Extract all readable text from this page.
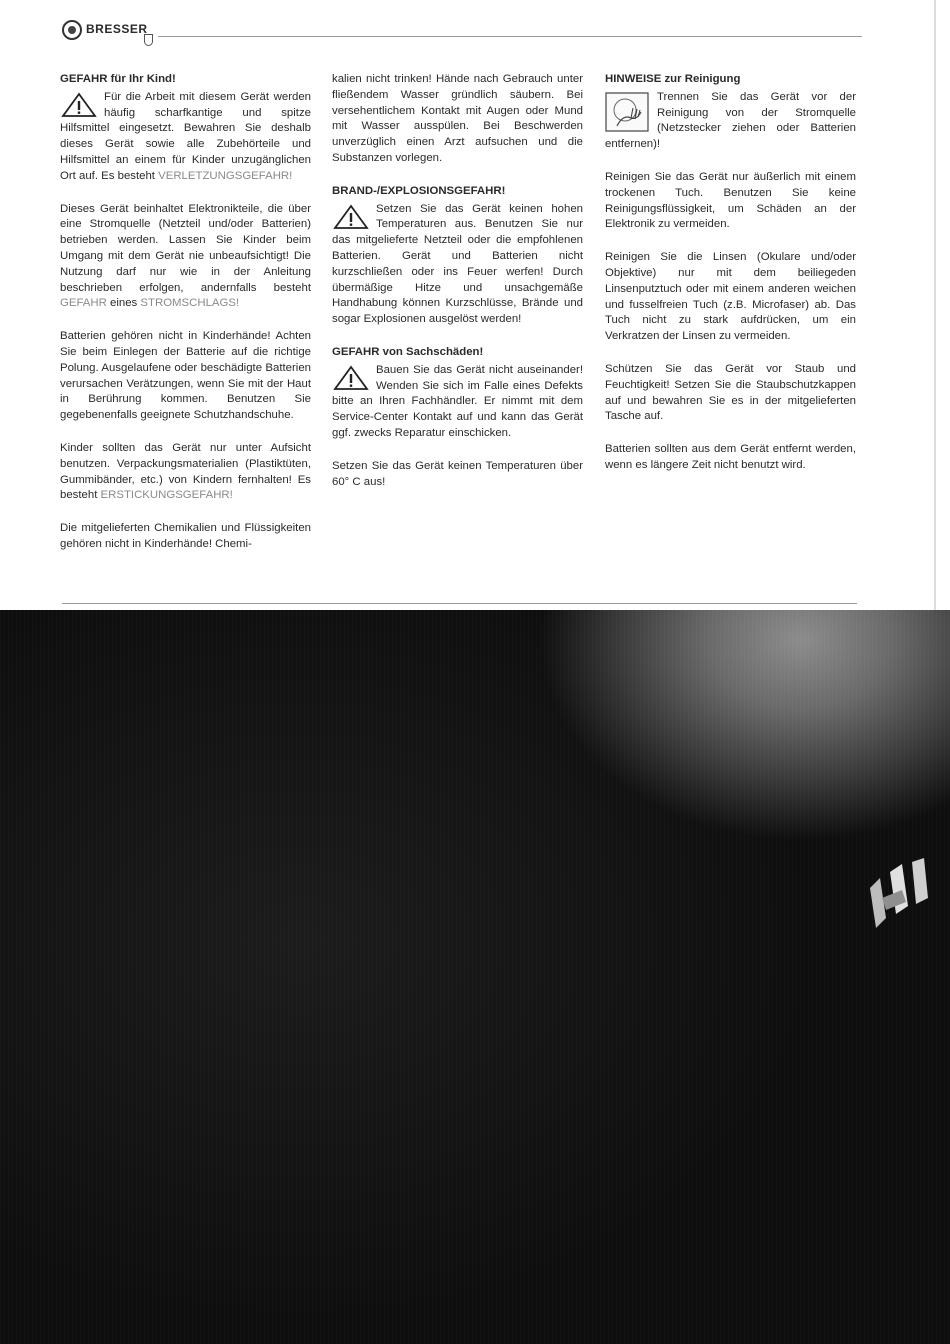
BRESSER
GEFAHR für Ihr Kind!

Für die Arbeit mit diesem Gerät werden häufig scharfkantige und spitze Hilfsmittel eingesetzt. Bewahren Sie deshalb dieses Gerät sowie alle Zubehörteile und Hilfsmittel an einem für Kinder unzugänglichen Ort auf. Es besteht VERLETZUNGSGEFAHR!

Dieses Gerät beinhaltet Elektronikteile, die über eine Stromquelle (Netzteil und/oder Batterien) betrieben werden. Lassen Sie Kinder beim Umgang mit dem Gerät nie unbeaufsichtigt! Die Nutzung darf nur wie in der Anleitung beschrieben erfolgen, andernfalls besteht GEFAHR eines STROMSCHLAGS!

Batterien gehören nicht in Kinderhände! Achten Sie beim Einlegen der Batterie auf die richtige Polung. Ausgelaufene oder beschädigte Batterien verursachen Verätzungen, wenn Sie mit der Haut in Berührung kommen. Benutzen Sie gegebenenfalls geeignete Schutzhandschuhe.

Kinder sollten das Gerät nur unter Aufsicht benutzen. Verpackungsmaterialien (Plastiktüten, Gummibänder, etc.) von Kindern fernhalten! Es besteht ERSTICKUNGSGEFAHR!

Die mitgelieferten Chemikalien und Flüssigkeiten gehören nicht in Kinderhände! Chemi-

kalien nicht trinken! Hände nach Gebrauch unter fließendem Wasser gründlich säubern. Bei versehentlichem Kontakt mit Augen oder Mund mit Wasser ausspülen. Bei Beschwerden unverzüglich einen Arzt aufsuchen und die Substanzen vorlegen.

BRAND-/EXPLOSIONSGEFAHR!

Setzen Sie das Gerät keinen hohen Temperaturen aus. Benutzen Sie nur das mitgelieferte Netzteil oder die empfohlenen Batterien. Gerät und Batterien nicht kurzschließen oder ins Feuer werfen! Durch übermäßige Hitze und unsachgemäße Handhabung können Kurzschlüsse, Brände und sogar Explosionen ausgelöst werden!

GEFAHR von Sachschäden!

Bauen Sie das Gerät nicht auseinander! Wenden Sie sich im Falle eines Defekts bitte an Ihren Fachhändler. Er nimmt mit dem Service-Center Kontakt auf und kann das Gerät ggf. zwecks Reparatur einschicken.

Setzen Sie das Gerät keinen Temperaturen über 60° C aus!

HINWEISE zur Reinigung

Trennen Sie das Gerät vor der Reinigung von der Stromquelle (Netzstecker ziehen oder Batterien entfernen)!

Reinigen Sie das Gerät nur äußerlich mit einem trockenen Tuch. Benutzen Sie keine Reinigungsflüssigkeit, um Schäden an der Elektronik zu vermeiden.

Reinigen Sie die Linsen (Okulare und/oder Objektive) nur mit dem beiliegeden Linsenputztuch oder mit einem anderen weichen und fusselfreien Tuch (z.B. Microfaser) ab. Das Tuch nicht zu stark aufdrücken, um ein Verkratzen der Linsen zu vermeiden.

Schützen Sie das Gerät vor Staub und Feuchtigkeit! Setzen Sie die Staubschutzkappen auf und bewahren Sie es in der mitgelieferten Tasche auf.

Batterien sollten aus dem Gerät entfernt werden, wenn es längere Zeit nicht benutzt wird.
